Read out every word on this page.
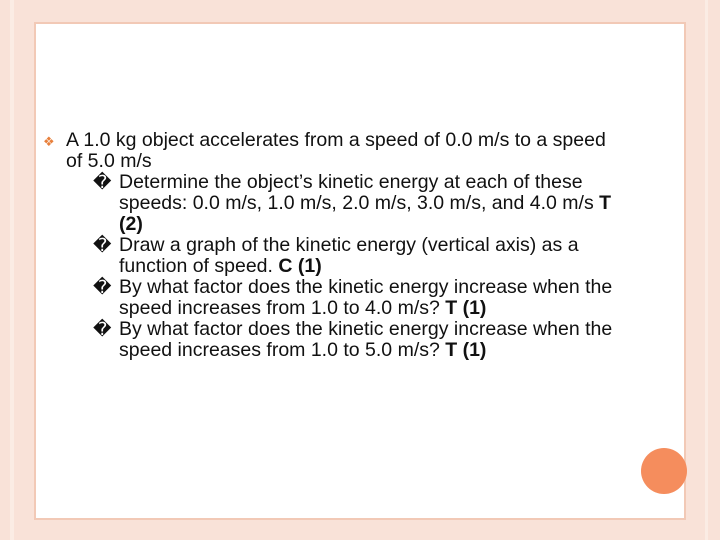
❖ A 1.0 kg object accelerates from a speed of 0.0 m/s to a speed of 5.0 m/s
� Determine the object’s kinetic energy at each of these speeds: 0.0 m/s, 1.0 m/s, 2.0 m/s, 3.0 m/s, and 4.0 m/s T (2)
� Draw a graph of the kinetic energy (vertical axis) as a function of speed. C (1)
� By what factor does the kinetic energy increase when the speed increases from 1.0 to 4.0 m/s? T (1)
� By what factor does the kinetic energy increase when the speed increases from 1.0 to 5.0 m/s? T (1)
